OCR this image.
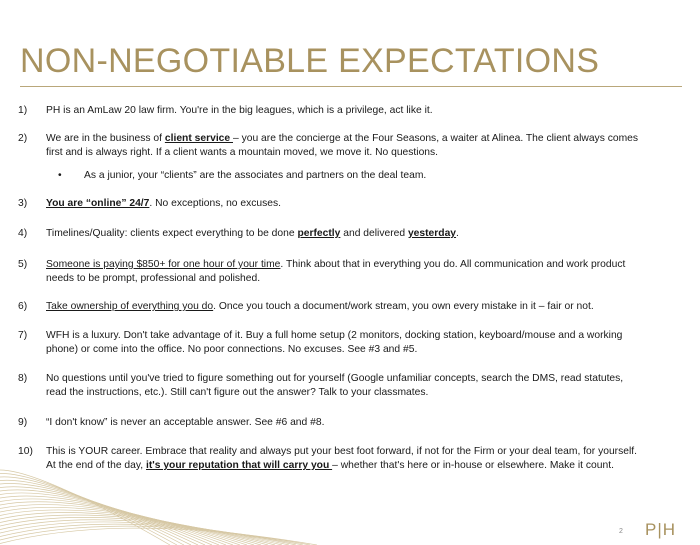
NON-NEGOTIABLE EXPECTATIONS
1)	PH is an AmLaw 20 law firm. You're in the big leagues, which is a privilege, act like it.
2)	We are in the business of client service – you are the concierge at the Four Seasons, a waiter at Alinea. The client always comes
first and is always right. If a client wants a mountain moved, we move it. No questions.
• As a junior, your “clients” are the associates and partners on the deal team.
3)	You are “online” 24/7. No exceptions, no excuses.
4)	Timelines/Quality: clients expect everything to be done perfectly and delivered yesterday.
5)	Someone is paying $850+ for one hour of your time. Think about that in everything you do. All communication and work product
needs to be prompt, professional and polished.
6)	Take ownership of everything you do. Once you touch a document/work stream, you own every mistake in it – fair or not.
7)	WFH is a luxury. Don't take advantage of it. Buy a full home setup (2 monitors, docking station, keyboard/mouse and a working
phone) or come into the office. No poor connections. No excuses. See #3 and #5.
8)	No questions until you've tried to figure something out for yourself (Google unfamiliar concepts, search the DMS, read statutes,
read the instructions, etc.). Still can't figure out the answer? Talk to your classmates.
9)	“I don't know” is never an acceptable answer. See #6 and #8.
10)	This is YOUR career. Embrace that reality and always put your best foot forward, if not for the Firm or your deal team, for yourself.
At the end of the day, it's your reputation that will carry you – whether that's here or in-house or elsewhere. Make it count.
2 P|H
